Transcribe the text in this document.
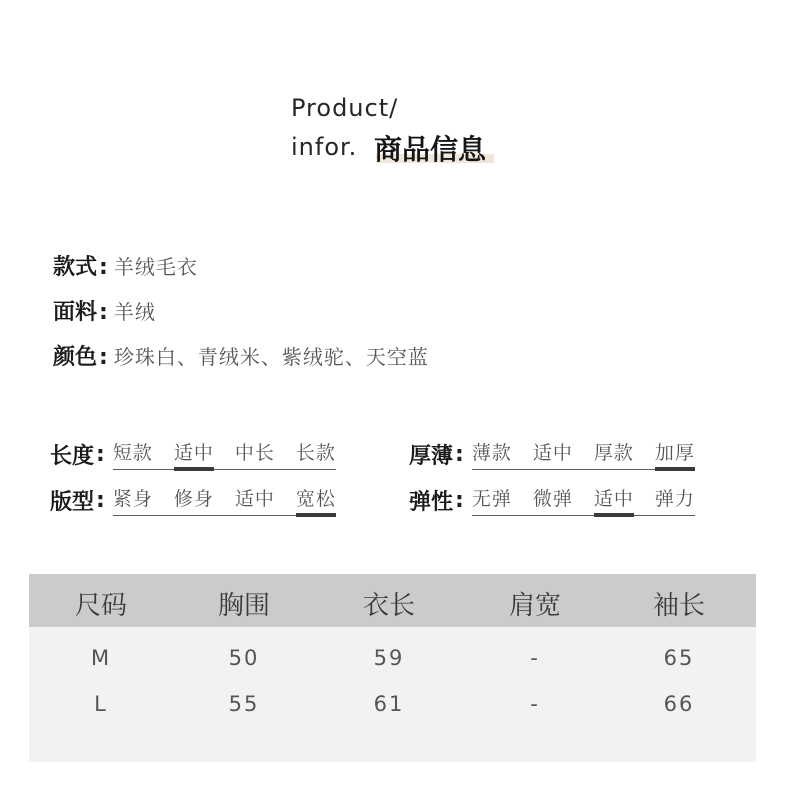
Product/
infor. 商品信息
款式 : 羊绒毛衣
面料 : 羊绒
颜色 : 珍珠白、青绒米、紫绒驼、天空蓝
长度 : 短款 适中 中长 长款	厚薄 : 薄款 适中 厚款 加厚
版型 : 紧身 修身 适中 宽松	弹性 : 无弹 微弹 适中 弹力
尺码	胸围	衣长	肩宽	袖长
M	50	59	-	65
L	55	61	-	66
